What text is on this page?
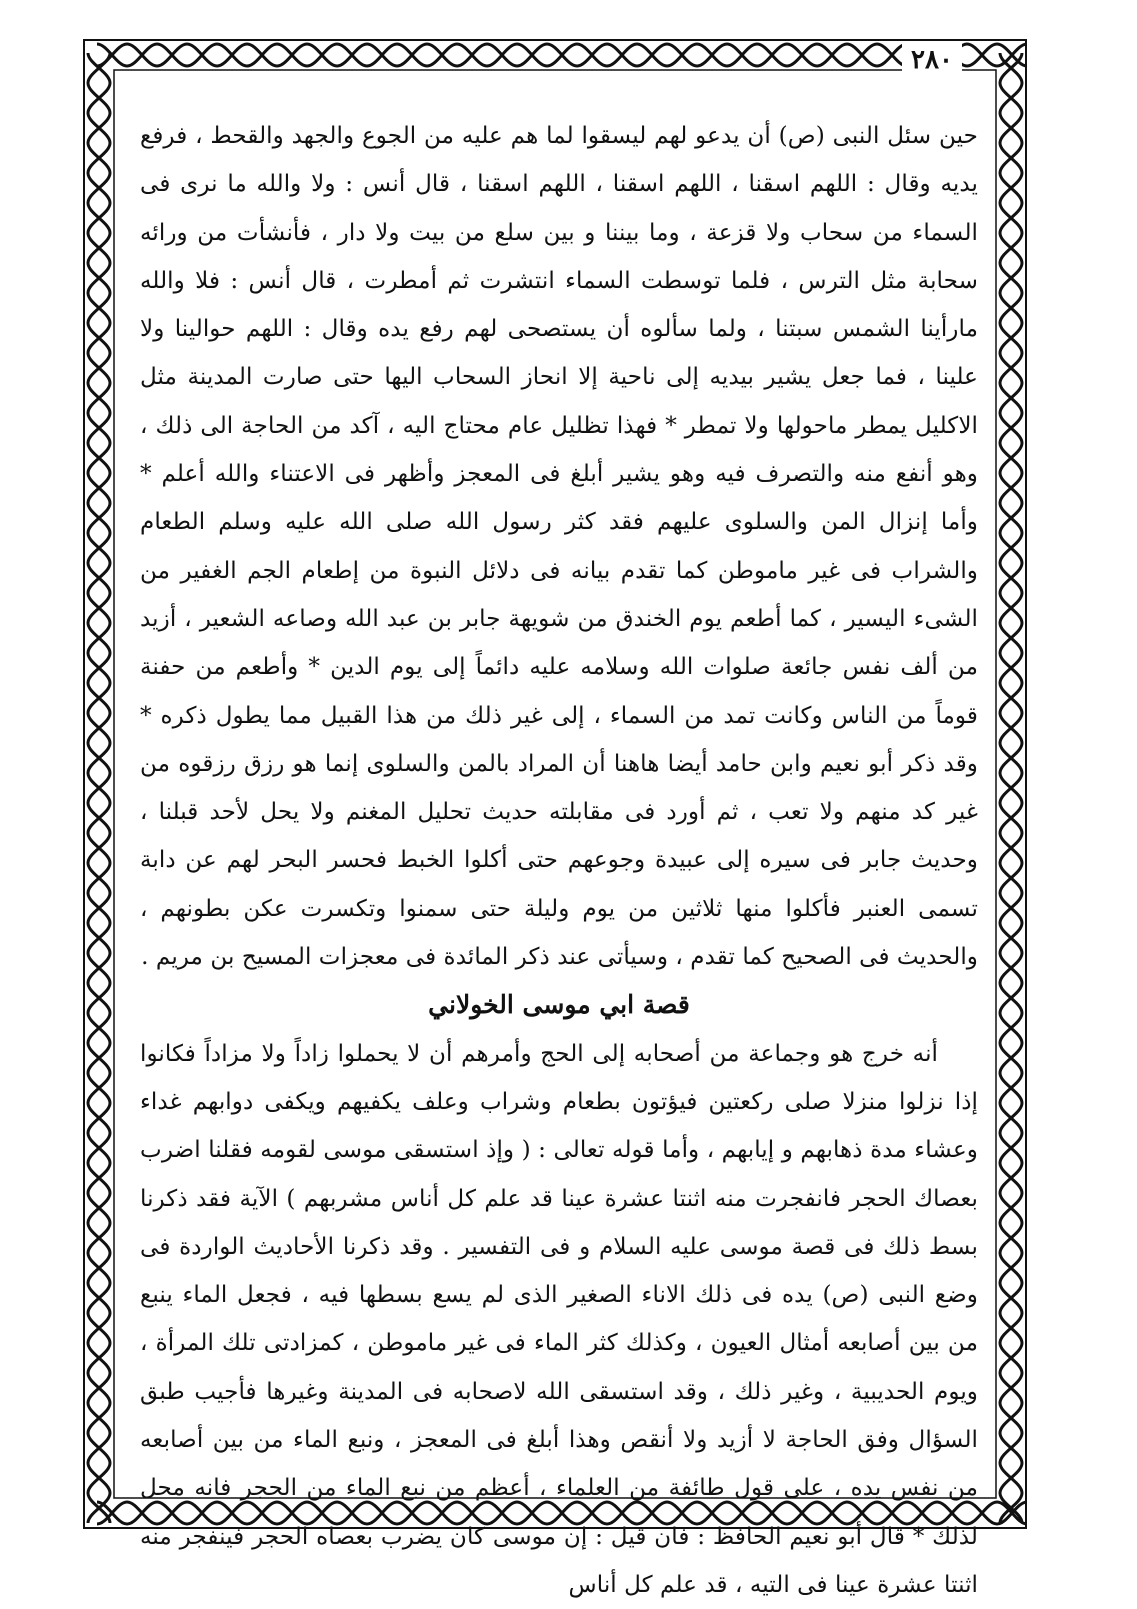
٢٨٠

حين سئل النبى (ص) أن يدعو لهم ليسقوا لما هم عليه من الجوع والجهد والقحط ، فرفع يديه وقال : اللهم اسقنا ، اللهم اسقنا ، اللهم اسقنا ، قال أنس : ولا والله ما نرى فى السماء من سحاب ولا قزعة ، وما بيننا و بين سلع من بيت ولا دار ، فأنشأت من ورائه سحابة مثل الترس ، فلما توسطت السماء انتشرت ثم أمطرت ، قال أنس : فلا والله مارأينا الشمس سبتنا ، ولما سألوه أن يستصحى لهم رفع يده وقال : اللهم حوالينا ولا علينا ، فما جعل يشير بيديه إلى ناحية إلا انحاز السحاب اليها حتى صارت المدينة مثل الاكليل يمطر ماحولها ولا تمطر * فهذا تظليل عام محتاج اليه ، آكد من الحاجة الى ذلك ، وهو أنفع منه والتصرف فيه وهو يشير أبلغ فى المعجز وأظهر فى الاعتناء والله أعلم * وأما إنزال المن والسلوى عليهم فقد كثر رسول الله صلى الله عليه وسلم الطعام والشراب فى غير ماموطن كما تقدم بيانه فى دلائل النبوة من إطعام الجم الغفير من الشىء اليسير ، كما أطعم يوم الخندق من شويهة جابر بن عبد الله وصاعه الشعير ، أزيد من ألف نفس جائعة صلوات الله وسلامه عليه دائماً إلى يوم الدين * وأطعم من حفنة قوماً من الناس وكانت تمد من السماء ، إلى غير ذلك من هذا القبيل مما يطول ذكره * وقد ذكر أبو نعيم وابن حامد أيضا هاهنا أن المراد بالمن والسلوى إنما هو رزق رزقوه من غير كد منهم ولا تعب ، ثم أورد فى مقابلته حديث تحليل المغنم ولا يحل لأحد قبلنا ، وحديث جابر فى سيره إلى عبيدة وجوعهم حتى أكلوا الخبط فحسر البحر لهم عن دابة تسمى العنبر فأكلوا منها ثلاثين من يوم وليلة حتى سمنوا وتكسرت عكن بطونهم ، والحديث فى الصحيح كما تقدم ، وسيأتى عند ذكر المائدة فى معجزات المسيح بن مريم .

قصة ابي موسى الخولاني

أنه خرج هو وجماعة من أصحابه إلى الحج وأمرهم أن لا يحملوا زاداً ولا مزاداً فكانوا إذا نزلوا منزلا صلى ركعتين فيؤتون بطعام وشراب وعلف يكفيهم ويكفى دوابهم غداء وعشاء مدة ذهابهم و إيابهم ، وأما قوله تعالى : ( وإذ استسقى موسى لقومه فقلنا اضرب بعصاك الحجر فانفجرت منه اثنتا عشرة عينا قد علم كل أناس مشربهم ) الآية فقد ذكرنا بسط ذلك فى قصة موسى عليه السلام و فى التفسير . وقد ذكرنا الأحاديث الواردة فى وضع النبى (ص) يده فى ذلك الاناء الصغير الذى لم يسع بسطها فيه ، فجعل الماء ينبع من بين أصابعه أمثال العيون ، وكذلك كثر الماء فى غير ماموطن ، كمزادتى تلك المرأة ، ويوم الحديبية ، وغير ذلك ، وقد استسقى الله لاصحابه فى المدينة وغيرها فأجيب طبق السؤال وفق الحاجة لا أزيد ولا أنقص وهذا أبلغ فى المعجز ، ونبع الماء من بين أصابعه من نفس يده ، على قول طائفة من العلماء ، أعظم من نبع الماء من الحجر فانه محل لذلك * قال أبو نعيم الحافظ : فان قيل : إن موسى كان يضرب بعصاه الحجر فينفجر منه اثنتا عشرة عينا فى التيه ، قد علم كل أناس
